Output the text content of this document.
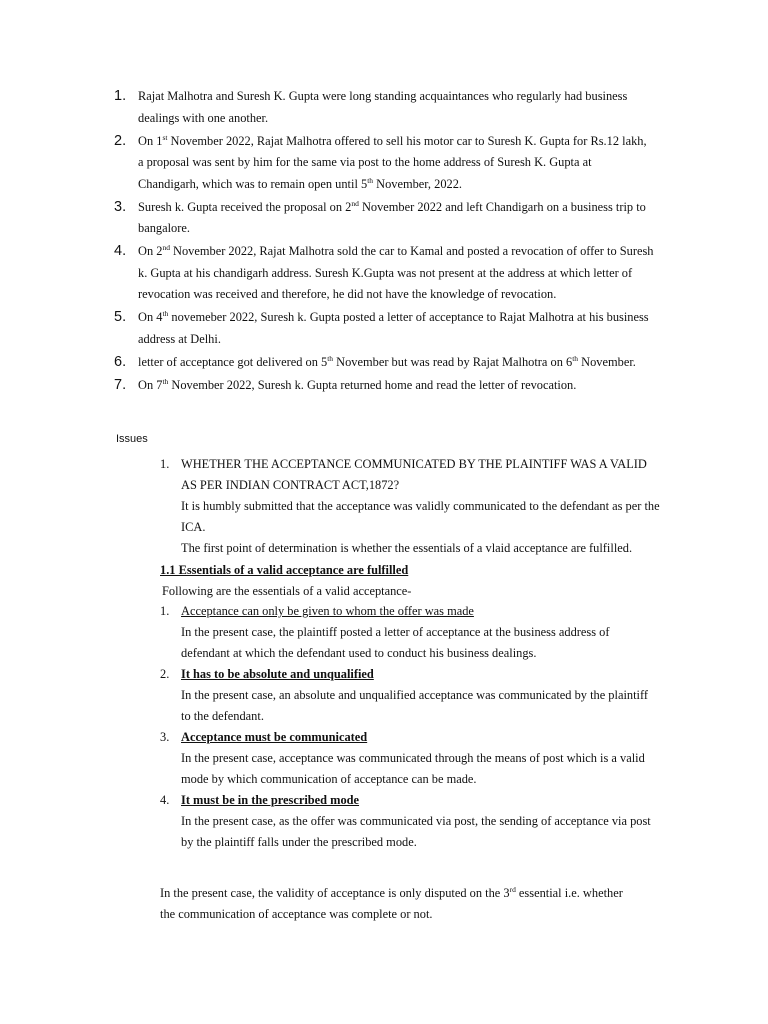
1. Rajat Malhotra and Suresh K. Gupta were long standing acquaintances who regularly had business dealings with one another.
2. On 1st November 2022, Rajat Malhotra offered to sell his motor car to Suresh K. Gupta for Rs.12 lakh, a proposal was sent by him for the same via post to the home address of Suresh K. Gupta at Chandigarh, which was to remain open until 5th November, 2022.
3. Suresh k. Gupta received the proposal on 2nd November 2022 and left Chandigarh on a business trip to bangalore.
4. On 2nd November 2022, Rajat Malhotra sold the car to Kamal and posted a revocation of offer to Suresh k. Gupta at his chandigarh address. Suresh K.Gupta was not present at the address at which letter of revocation was received and therefore, he did not have the knowledge of revocation.
5. On 4th novemeber 2022, Suresh k. Gupta posted a letter of acceptance to Rajat Malhotra at his business address at Delhi.
6. letter of acceptance got delivered on 5th November but was read by Rajat Malhotra on 6th November.
7. On 7th November 2022, Suresh k. Gupta returned home and read the letter of revocation.
Issues
1. WHETHER THE ACCEPTANCE COMMUNICATED BY THE PLAINTIFF WAS A VALID AS PER INDIAN CONTRACT ACT,1872?
It is humbly submitted that the acceptance was validly communicated to the defendant as per the ICA.
The first point of determination is whether the essentials of a vlaid acceptance are fulfilled.
1.1 Essentials of a valid acceptance are fulfilled
Following are the essentials of a valid acceptance-
1. Acceptance can only be given to whom the offer was made
In the present case, the plaintiff posted a letter of acceptance at the business address of defendant at which the defendant used to conduct his business dealings.
2. It has to be absolute and unqualified
In the present case, an absolute and unqualified acceptance was communicated by the plaintiff to the defendant.
3. Acceptance must be communicated
In the present case, acceptance was communicated through the means of post which is a valid mode by which communication of acceptance can be made.
4. It must be in the prescribed mode
In the present case, as the offer was communicated via post, the sending of acceptance via post by the plaintiff falls under the prescribed mode.
In the present case, the validity of acceptance is only disputed on the 3rd essential i.e. whether the communication of acceptance was complete or not.
